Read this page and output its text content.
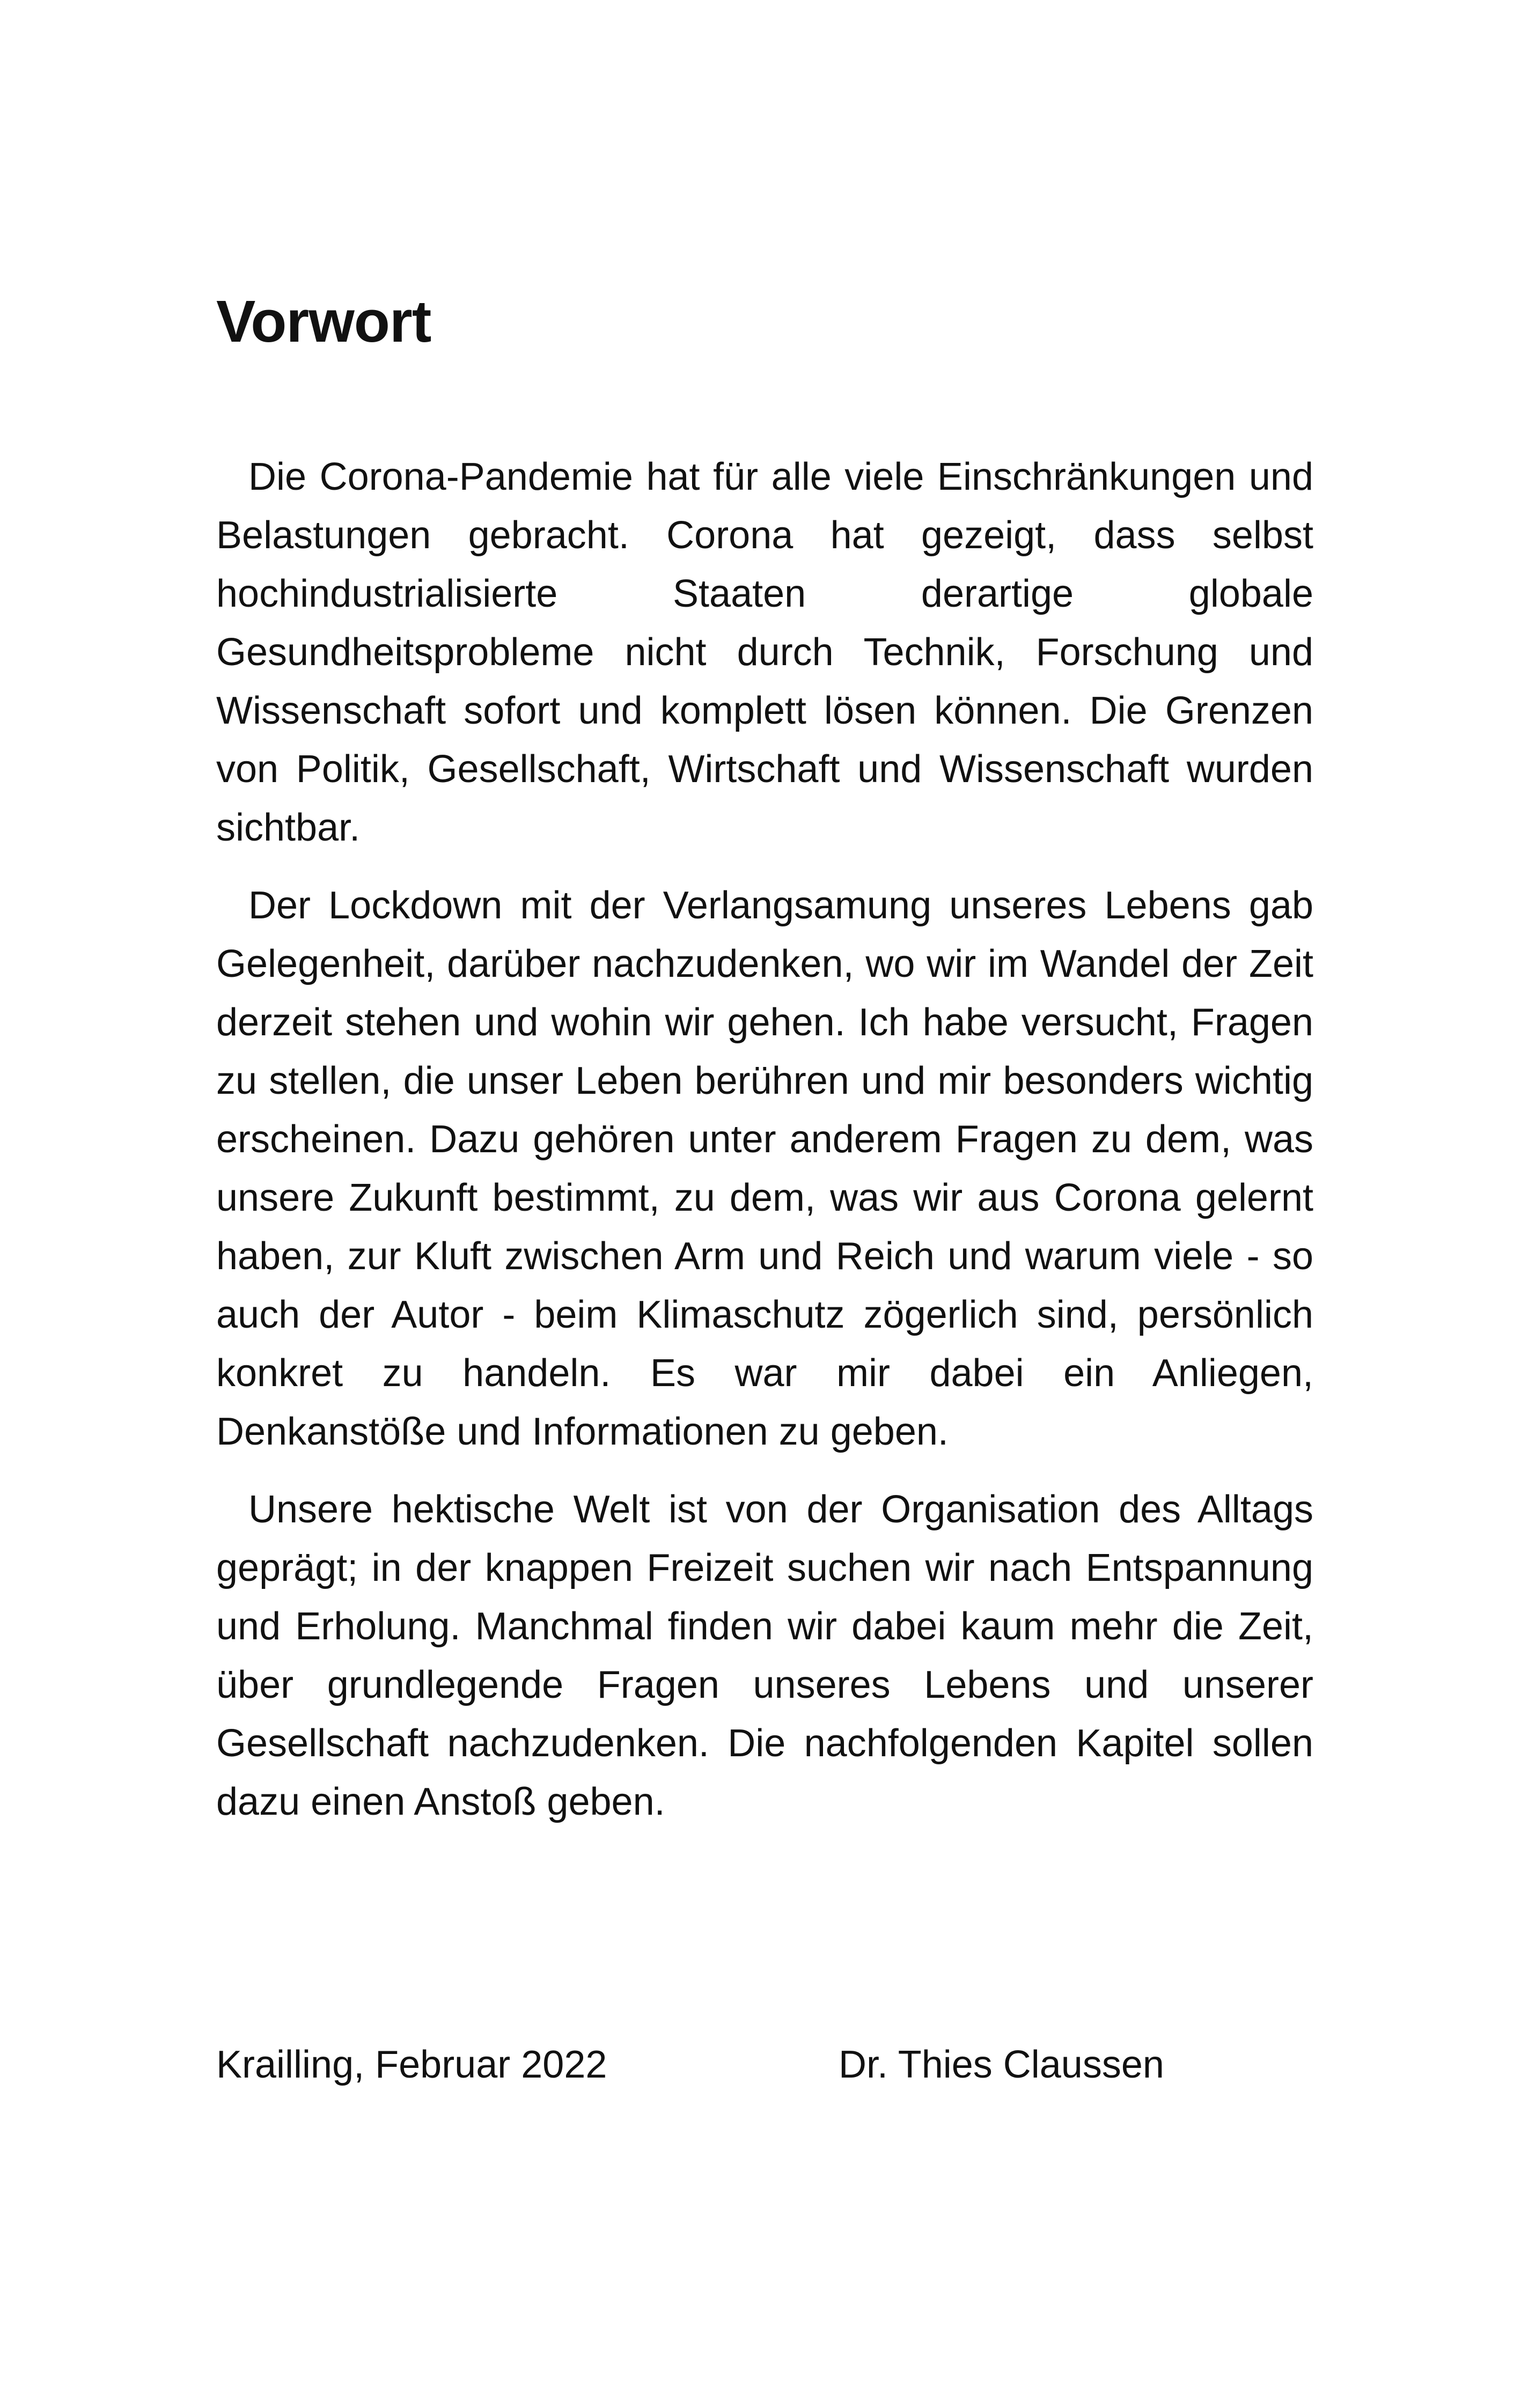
Vorwort

Die Corona-Pandemie hat für alle viele Einschränkungen und Belastungen gebracht. Corona hat gezeigt, dass selbst hochindustrialisierte Staaten derartige globale Gesundheitsprobleme nicht durch Technik, Forschung und Wissenschaft sofort und komplett lösen können. Die Grenzen von Politik, Gesellschaft, Wirtschaft und Wissenschaft wurden sichtbar.

Der Lockdown mit der Verlangsamung unseres Lebens gab Gelegenheit, darüber nachzudenken, wo wir im Wandel der Zeit derzeit stehen und wohin wir gehen. Ich habe versucht, Fragen zu stellen, die unser Leben berühren und mir besonders wichtig erscheinen. Dazu gehören unter anderem Fragen zu dem, was unsere Zukunft bestimmt, zu dem, was wir aus Corona gelernt haben, zur Kluft zwischen Arm und Reich und warum viele - so auch der Autor - beim Klimaschutz zögerlich sind, persönlich konkret zu handeln. Es war mir dabei ein Anliegen, Denkanstöße und Informationen zu geben.

Unsere hektische Welt ist von der Organisation des Alltags geprägt; in der knappen Freizeit suchen wir nach Entspannung und Erholung. Manchmal finden wir dabei kaum mehr die Zeit, über grundlegende Fragen unseres Lebens und unserer Gesellschaft nachzudenken. Die nachfolgenden Kapitel sollen dazu einen Anstoß geben.

Krailling, Februar 2022	Dr. Thies Claussen
